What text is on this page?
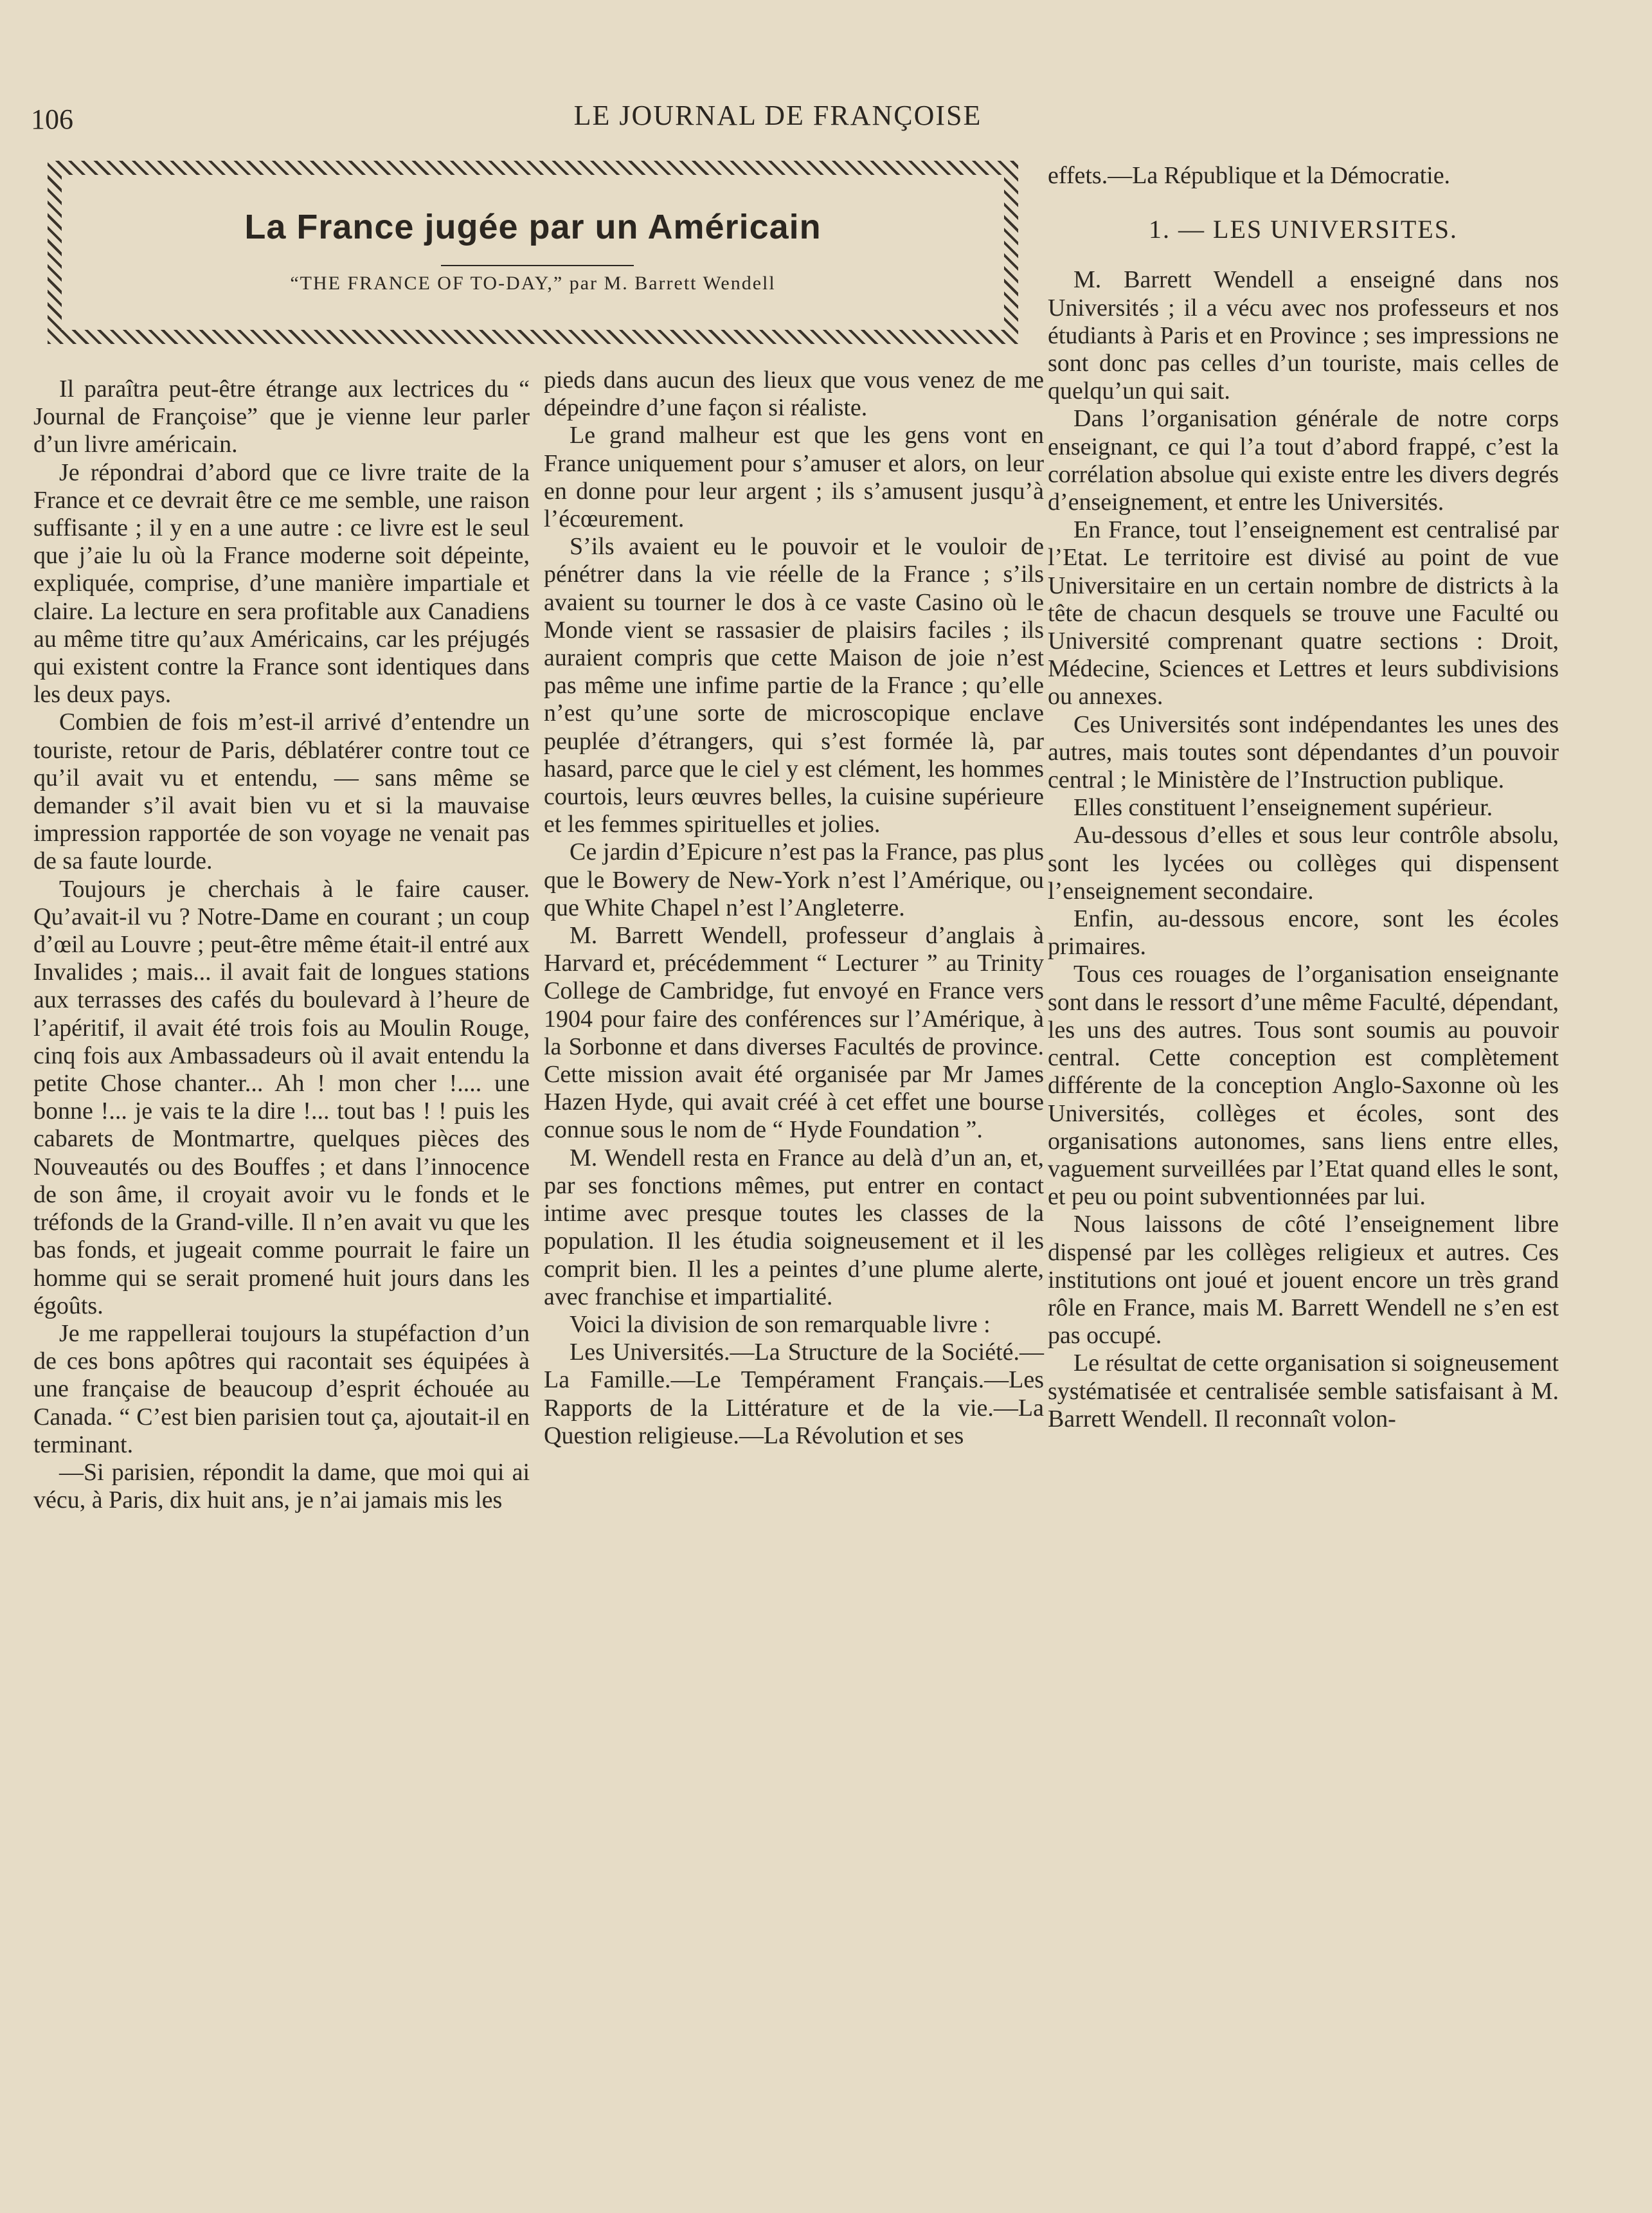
106	LE JOURNAL DE FRANÇOISE
La France jugée par un Américain
“THE FRANCE OF TO-DAY,” par M. Barrett Wendell

Il paraîtra peut-être étrange aux lectrices du “ Journal de Françoise” que je vienne leur parler d’un livre américain.

Je répondrai d’abord que ce livre traite de la France et ce devrait être ce me semble, une raison suffisante ; il y en a une autre : ce livre est le seul que j’aie lu où la France moderne soit dépeinte, expliquée, comprise, d’une manière impartiale et claire. La lecture en sera profitable aux Canadiens au même titre qu’aux Américains, car les préjugés qui existent contre la France sont identiques dans les deux pays.

Combien de fois m’est-il arrivé d’entendre un touriste, retour de Paris, déblatérer contre tout ce qu’il avait vu et entendu, — sans même se demander s’il avait bien vu et si la mauvaise impression rapportée de son voyage ne venait pas de sa faute lourde.

Toujours je cherchais à le faire causer. Qu’avait-il vu ? Notre-Dame en courant ; un coup d’œil au Louvre ; peut-être même était-il entré aux Invalides ; mais... il avait fait de longues stations aux terrasses des cafés du boulevard à l’heure de l’apéritif, il avait été trois fois au Moulin Rouge, cinq fois aux Ambassadeurs où il avait entendu la petite Chose chanter... Ah ! mon cher !.... une bonne !... je vais te la dire !... tout bas ! ! puis les cabarets de Montmartre, quelques pièces des Nouveautés ou des Bouffes ; et dans l’innocence de son âme, il croyait avoir vu le fonds et le tréfonds de la Grand-ville. Il n’en avait vu que les bas fonds, et jugeait comme pourrait le faire un homme qui se serait promené huit jours dans les égoûts.

Je me rappellerai toujours la stupéfaction d’un de ces bons apôtres qui racontait ses équipées à une française de beaucoup d’esprit échouée au Canada. “ C’est bien parisien tout ça, ajoutait-il en terminant.

—Si parisien, répondit la dame, que moi qui ai vécu, à Paris, dix huit ans, je n’ai jamais mis les

pieds dans aucun des lieux que vous venez de me dépeindre d’une façon si réaliste.

Le grand malheur est que les gens vont en France uniquement pour s’amuser et alors, on leur en donne pour leur argent ; ils s’amusent jusqu’à l’écœurement.

S’ils avaient eu le pouvoir et le vouloir de pénétrer dans la vie réelle de la France ; s’ils avaient su tourner le dos à ce vaste Casino où le Monde vient se rassasier de plaisirs faciles ; ils auraient compris que cette Maison de joie n’est pas même une infime partie de la France ; qu’elle n’est qu’une sorte de microscopique enclave peuplée d’étrangers, qui s’est formée là, par hasard, parce que le ciel y est clément, les hommes courtois, leurs œuvres belles, la cuisine supérieure et les femmes spirituelles et jolies.

Ce jardin d’Epicure n’est pas la France, pas plus que le Bowery de New-York n’est l’Amérique, ou que White Chapel n’est l’Angleterre.

M. Barrett Wendell, professeur d’anglais à Harvard et, précédemment “ Lecturer ” au Trinity College de Cambridge, fut envoyé en France vers 1904 pour faire des conférences sur l’Amérique, à la Sorbonne et dans diverses Facultés de province. Cette mission avait été organisée par Mr James Hazen Hyde, qui avait créé à cet effet une bourse connue sous le nom de “ Hyde Foundation ”.

M. Wendell resta en France au delà d’un an, et, par ses fonctions mêmes, put entrer en contact intime avec presque toutes les classes de la population. Il les étudia soigneusement et il les comprit bien. Il les a peintes d’une plume alerte, avec franchise et impartialité.

Voici la division de son remarquable livre :

Les Universités.—La Structure de la Société.—La Famille.—Le Tempérament Français.—Les Rapports de la Littérature et de la vie.—La Question religieuse.—La Révolution et ses

effets.—La République et la Démocratie.

1. — LES UNIVERSITES.

M. Barrett Wendell a enseigné dans nos Universités ; il a vécu avec nos professeurs et nos étudiants à Paris et en Province ; ses impressions ne sont donc pas celles d’un touriste, mais celles de quelqu’un qui sait.

Dans l’organisation générale de notre corps enseignant, ce qui l’a tout d’abord frappé, c’est la corrélation absolue qui existe entre les divers degrés d’enseignement, et entre les Universités.

En France, tout l’enseignement est centralisé par l’Etat. Le territoire est divisé au point de vue Universitaire en un certain nombre de districts à la tête de chacun desquels se trouve une Faculté ou Université comprenant quatre sections : Droit, Médecine, Sciences et Lettres et leurs subdivisions ou annexes.

Ces Universités sont indépendantes les unes des autres, mais toutes sont dépendantes d’un pouvoir central ; le Ministère de l’Instruction publique.

Elles constituent l’enseignement supérieur.

Au-dessous d’elles et sous leur contrôle absolu, sont les lycées ou collèges qui dispensent l’enseignement secondaire.

Enfin, au-dessous encore, sont les écoles primaires.

Tous ces rouages de l’organisation enseignante sont dans le ressort d’une même Faculté, dépendant, les uns des autres. Tous sont soumis au pouvoir central. Cette conception est complètement différente de la conception Anglo-Saxonne où les Universités, collèges et écoles, sont des organisations autonomes, sans liens entre elles, vaguement surveillées par l’Etat quand elles le sont, et peu ou point subventionnées par lui.

Nous laissons de côté l’enseignement libre dispensé par les collèges religieux et autres. Ces institutions ont joué et jouent encore un très grand rôle en France, mais M. Barrett Wendell ne s’en est pas occupé.

Le résultat de cette organisation si soigneusement systématisée et centralisée semble satisfaisant à M. Barrett Wendell. Il reconnaît volon-
